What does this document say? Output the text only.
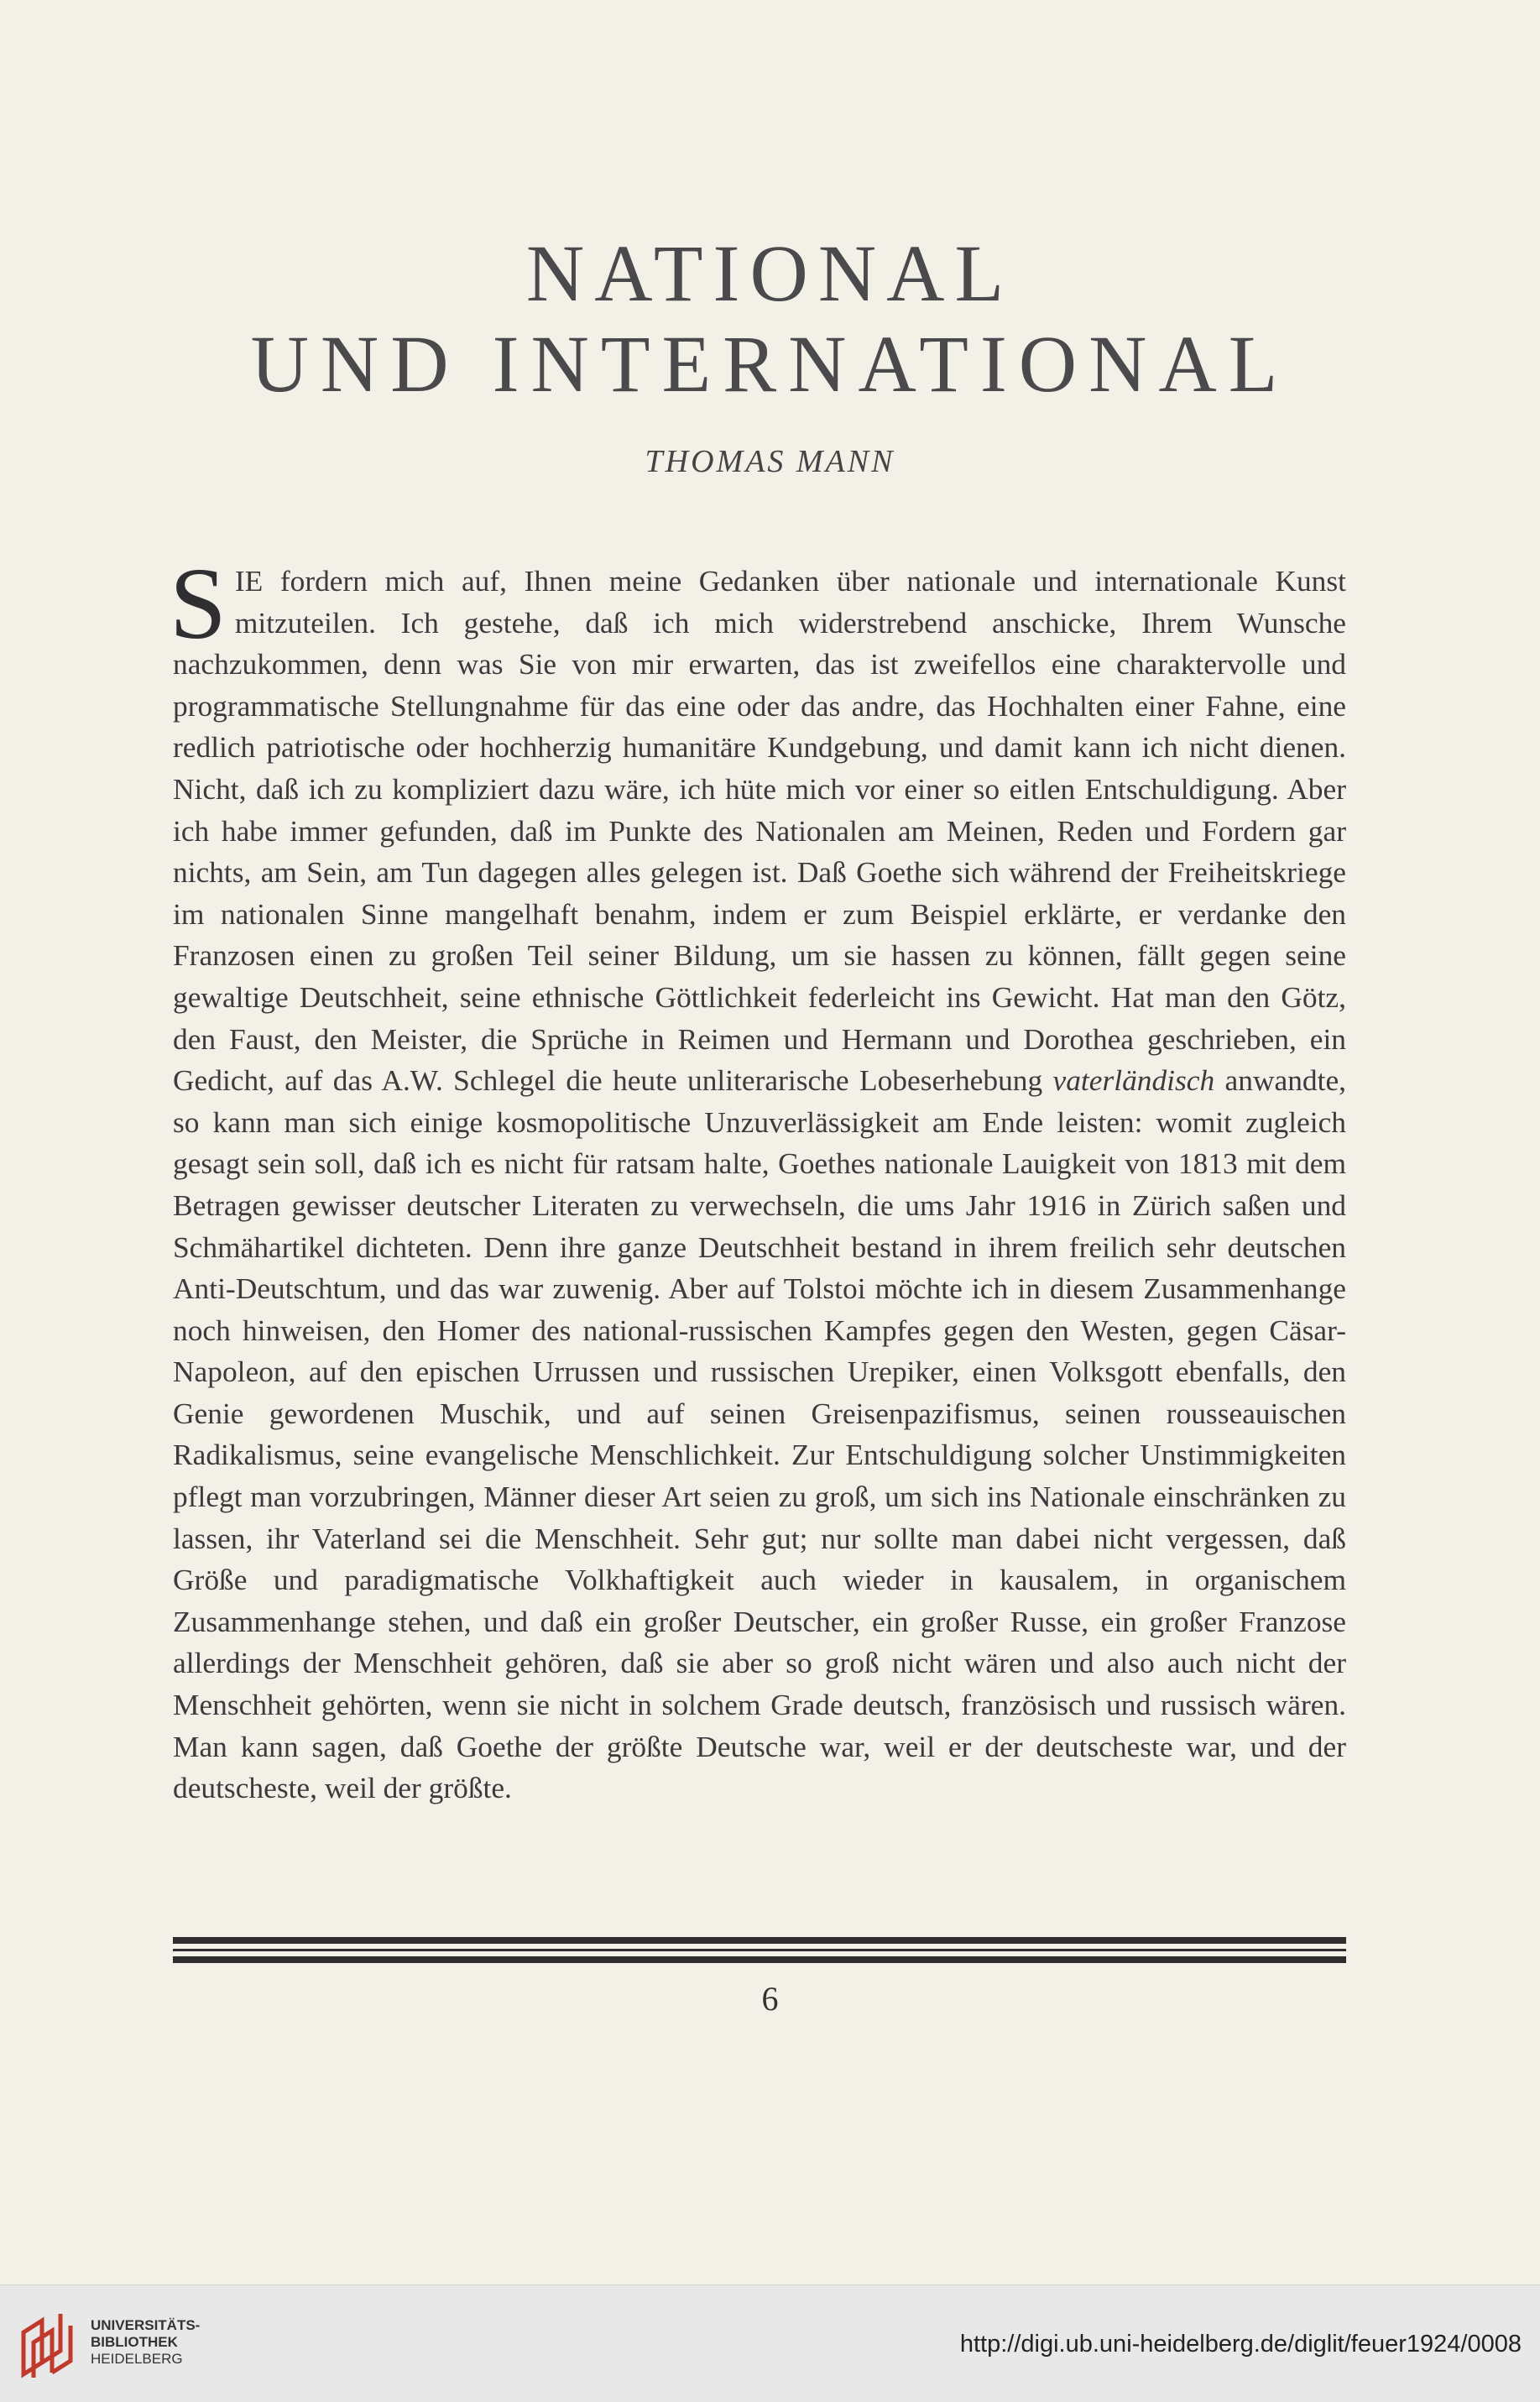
NATIONAL
UND INTERNATIONAL
THOMAS MANN

SIE fordern mich auf, Ihnen meine Gedanken über nationale und internationale Kunst mitzuteilen. Ich gestehe, daß ich mich widerstrebend anschicke, Ihrem Wunsche nachzukommen, denn was Sie von mir erwarten, das ist zweifellos eine charaktervolle und programmatische Stellungnahme für das eine oder das andre, das Hochhalten einer Fahne, eine redlich patriotische oder hochherzig humanitäre Kundgebung, und damit kann ich nicht dienen. Nicht, daß ich zu kompliziert dazu wäre, ich hüte mich vor einer so eitlen Entschuldigung. Aber ich habe immer gefunden, daß im Punkte des Nationalen am Meinen, Reden und Fordern gar nichts, am Sein, am Tun dagegen alles gelegen ist. Daß Goethe sich während der Freiheitskriege im nationalen Sinne mangelhaft benahm, indem er zum Beispiel erklärte, er verdanke den Franzosen einen zu großen Teil seiner Bildung, um sie hassen zu können, fällt gegen seine gewaltige Deutschheit, seine ethnische Göttlichkeit federleicht ins Gewicht. Hat man den Götz, den Faust, den Meister, die Sprüche in Reimen und Hermann und Dorothea geschrieben, ein Gedicht, auf das A.W. Schlegel die heute unliterarische Lobeserhebung vaterländisch anwandte, so kann man sich einige kosmopolitische Unzuverlässigkeit am Ende leisten: womit zugleich gesagt sein soll, daß ich es nicht für ratsam halte, Goethes nationale Lauigkeit von 1813 mit dem Betragen gewisser deutscher Literaten zu verwechseln, die ums Jahr 1916 in Zürich saßen und Schmähartikel dichteten. Denn ihre ganze Deutschheit bestand in ihrem freilich sehr deutschen Anti-Deutschtum, und das war zuwenig. Aber auf Tolstoi möchte ich in diesem Zusammenhange noch hinweisen, den Homer des national-russischen Kampfes gegen den Westen, gegen Cäsar-Napoleon, auf den epischen Urrussen und russischen Urepiker, einen Volksgott ebenfalls, den Genie gewordenen Muschik, und auf seinen Greisenpazifismus, seinen rousseauischen Radikalismus, seine evangelische Menschlichkeit. Zur Entschuldigung solcher Unstimmigkeiten pflegt man vorzubringen, Männer dieser Art seien zu groß, um sich ins Nationale einschränken zu lassen, ihr Vaterland sei die Menschheit. Sehr gut; nur sollte man dabei nicht vergessen, daß Größe und paradigmatische Volkhaftigkeit auch wieder in kausalem, in organischem Zusammenhange stehen, und daß ein großer Deutscher, ein großer Russe, ein großer Franzose allerdings der Menschheit gehören, daß sie aber so groß nicht wären und also auch nicht der Menschheit gehörten, wenn sie nicht in solchem Grade deutsch, französisch und russisch wären. Man kann sagen, daß Goethe der größte Deutsche war, weil er der deutscheste war, und der deutscheste, weil der größte.

6
UNIVERSITÄTS-
BIBLIOTHEK
HEIDELBERG
http://digi.ub.uni-heidelberg.de/diglit/feuer1924/0008
